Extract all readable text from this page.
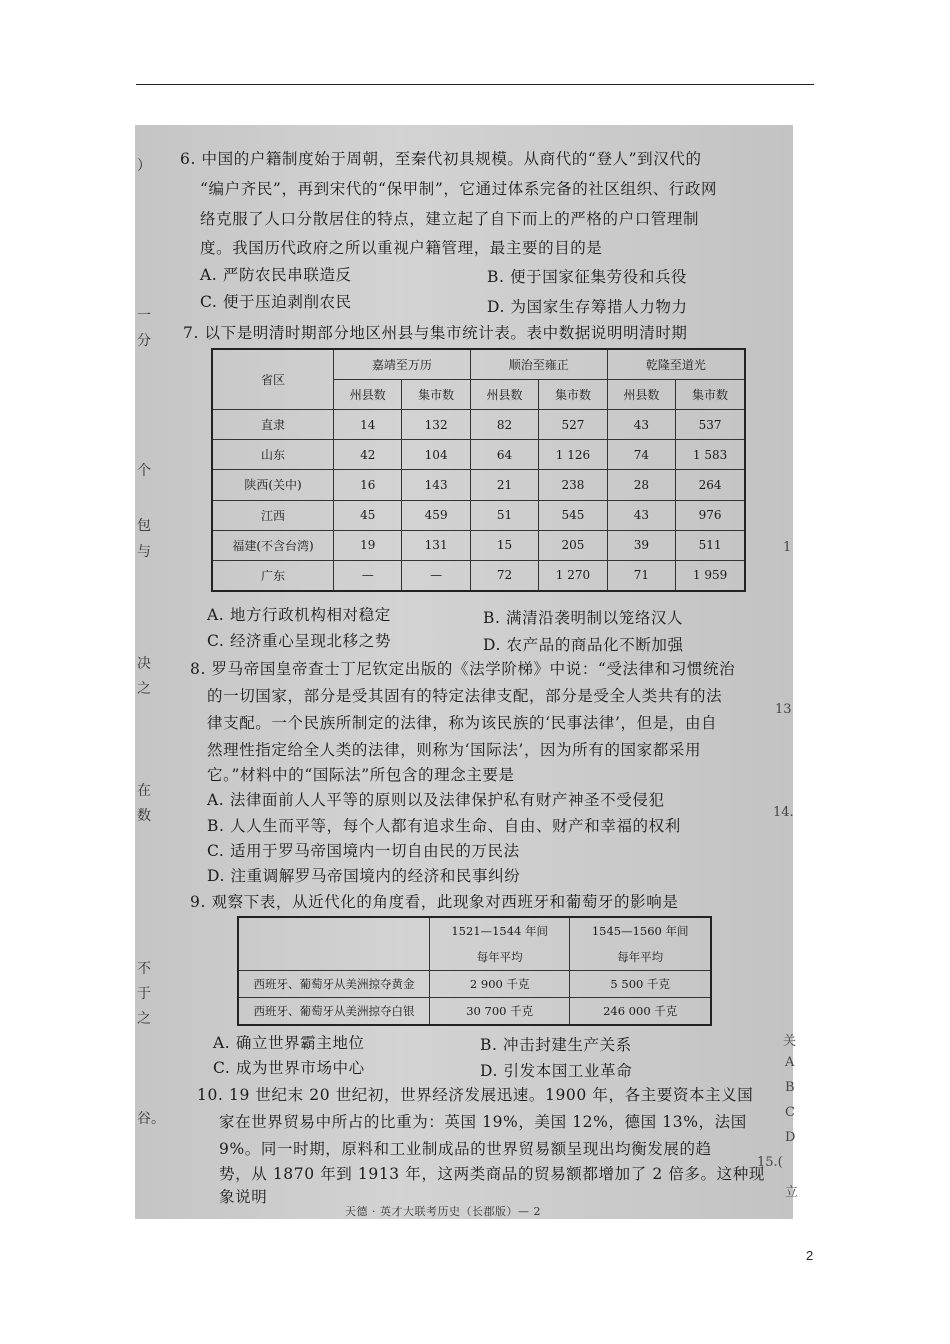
）
一
分
个
包
与
决
之
在
数
不
于
之
谷。
1
13
14.
关
A
B
C
D
15.(
立
6. 中国的户籍制度始于周朝，至秦代初具规模。从商代的“登人”到汉代的
“编户齐民”，再到宋代的“保甲制”，它通过体系完备的社区组织、行政网
络克服了人口分散居住的特点，建立起了自下而上的严格的户口管理制
度。我国历代政府之所以重视户籍管理，最主要的目的是
A. 严防农民串联造反	B. 便于国家征集劳役和兵役
C. 便于压迫剥削农民	D. 为国家生存筹措人力物力
7. 以下是明清时期部分地区州县与集市统计表。表中数据说明明清时期
省区	嘉靖至万历		顺治至雍正		乾隆至道光	
	州县数	集市数	州县数	集市数	州县数	集市数
直隶	14	132	82	527	43	537
山东	42	104	64	1 126	74	1 583
陕西(关中)	16	143	21	238	28	264
江西	45	459	51	545	43	976
福建(不含台湾)	19	131	15	205	39	511
广东	—	—	72	1 270	71	1 959
A. 地方行政机构相对稳定	B. 满清沿袭明制以笼络汉人
C. 经济重心呈现北移之势	D. 农产品的商品化不断加强
8. 罗马帝国皇帝查士丁尼钦定出版的《法学阶梯》中说：“受法律和习惯统治
的一切国家，部分是受其固有的特定法律支配，部分是受全人类共有的法
律支配。一个民族所制定的法律，称为该民族的‘民事法律’，但是，由自
然理性指定给全人类的法律，则称为‘国际法’，因为所有的国家都采用
它。”材料中的“国际法”所包含的理念主要是
A. 法律面前人人平等的原则以及法律保护私有财产神圣不受侵犯
B. 人人生而平等，每个人都有追求生命、自由、财产和幸福的权利
C. 适用于罗马帝国境内一切自由民的万民法
D. 注重调解罗马帝国境内的经济和民事纠纷
9. 观察下表，从近代化的角度看，此现象对西班牙和葡萄牙的影响是
	1521—1544 年间	1545—1560 年间
	每年平均	每年平均
西班牙、葡萄牙从美洲掠夺黄金	2 900 千克	5 500 千克
西班牙、葡萄牙从美洲掠夺白银	30 700 千克	246 000 千克
A. 确立世界霸主地位	B. 冲击封建生产关系
C. 成为世界市场中心	D. 引发本国工业革命
10. 19 世纪末 20 世纪初，世界经济发展迅速。1900 年，各主要资本主义国
家在世界贸易中所占的比重为：英国 19%，美国 12%，德国 13%，法国
9%。同一时期，原料和工业制成品的世界贸易额呈现出均衡发展的趋
势，从 1870 年到 1913 年，这两类商品的贸易额都增加了 2 倍多。这种现
象说明
天德 · 英才大联考历史（长郡版）— 2
2
